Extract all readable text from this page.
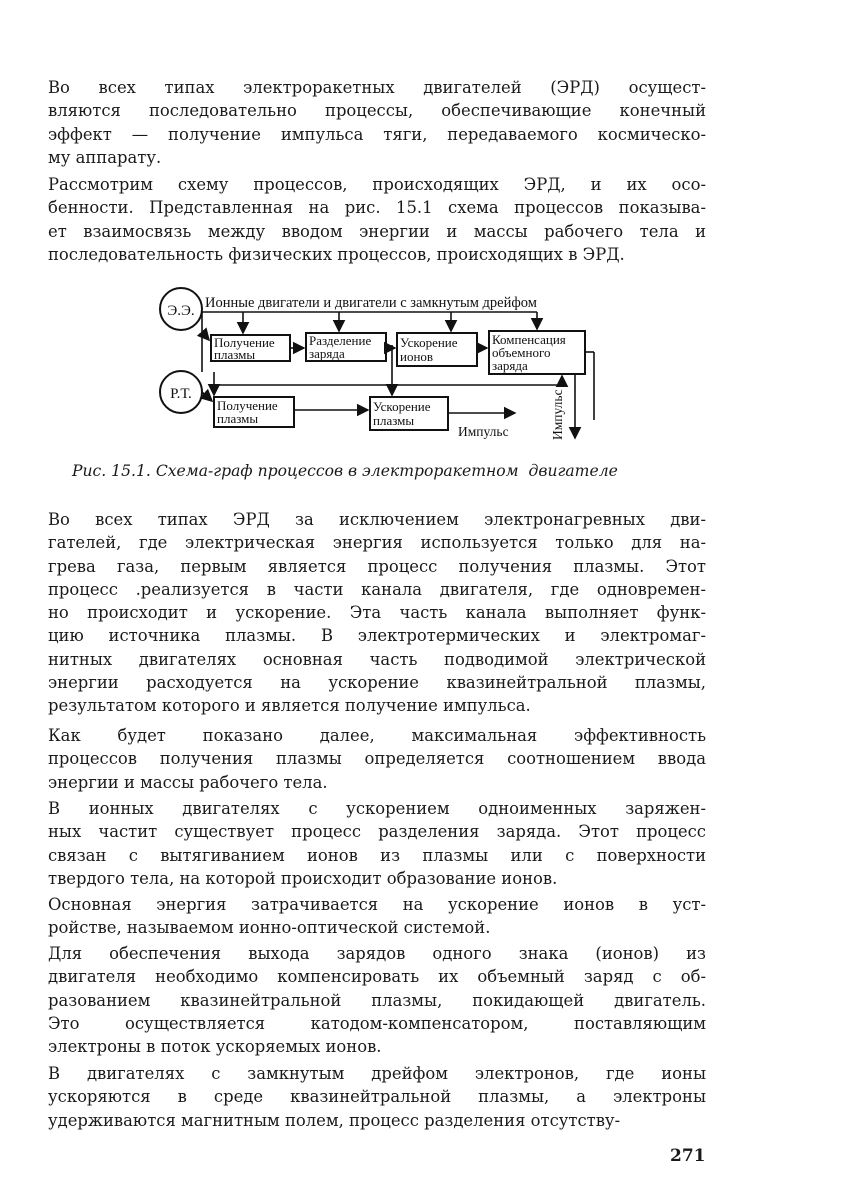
Во всех типах электроракетных двигателей (ЭРД) осущест-
вляются последовательно процессы, обеспечивающие конечный
эффект — получение импульса тяги, передаваемого космическо-
му аппарату.
Рассмотрим схему процессов, происходящих ЭРД, и их осо-
бенности. Представленная на рис. 15.1 схема процессов показыва-
ет взаимосвязь между вводом энергии и массы рабочего тела и
последовательность физических процессов, происходящих в ЭРД.
Во всех типах ЭРД за исключением электронагревных дви-
гателей, где электрическая энергия используется только для на-
грева газа, первым является процесс получения плазмы. Этот
процесс .реализуется в части канала двигателя, где одновремен-
но происходит и ускорение. Эта часть канала выполняет функ-
цию источника плазмы. В электротермических и электромаг-
нитных двигателях основная часть подводимой электрической
энергии расходуется на ускорение квазинейтральной плазмы,
результатом которого и является получение импульса.
Как будет показано далее, максимальная эффективность
процессов получения плазмы определяется соотношением ввода
энергии и массы рабочего тела.
В ионных двигателях с ускорением одноименных заряжен-
ных частит существует процесс разделения заряда. Этот процесс
связан с вытягиванием ионов из плазмы или с поверхности
твердого тела, на которой происходит образование ионов.
Основная энергия затрачивается на ускорение ионов в уст-
ройстве, называемом ионно-оптической системой.
Для обеспечения выхода зарядов одного знака (ионов) из
двигателя необходимо компенсировать их объемный заряд с об-
разованием квазинейтральной плазмы, покидающей двигатель.
Это осуществляется катодом-компенсатором, поставляющим
электроны в поток ускоряемых ионов.
В двигателях с замкнутым дрейфом электронов, где ионы
ускоряются в среде квазинейтральной плазмы, а электроны
удерживаются магнитным полем, процесс разделения отсутству-
Э.Э.
Р.Т.
Ионные двигатели и двигатели с замкнутым дрейфом
Получение
плазмы
Разделение
заряда
Ускорение
ионов
Компенсация
объемного
заряда
Получение
плазмы
Ускорение
плазмы
Импульс	Импульс
Рис. 15.1. Схема-граф процессов в электроракетном  двигателе
271
